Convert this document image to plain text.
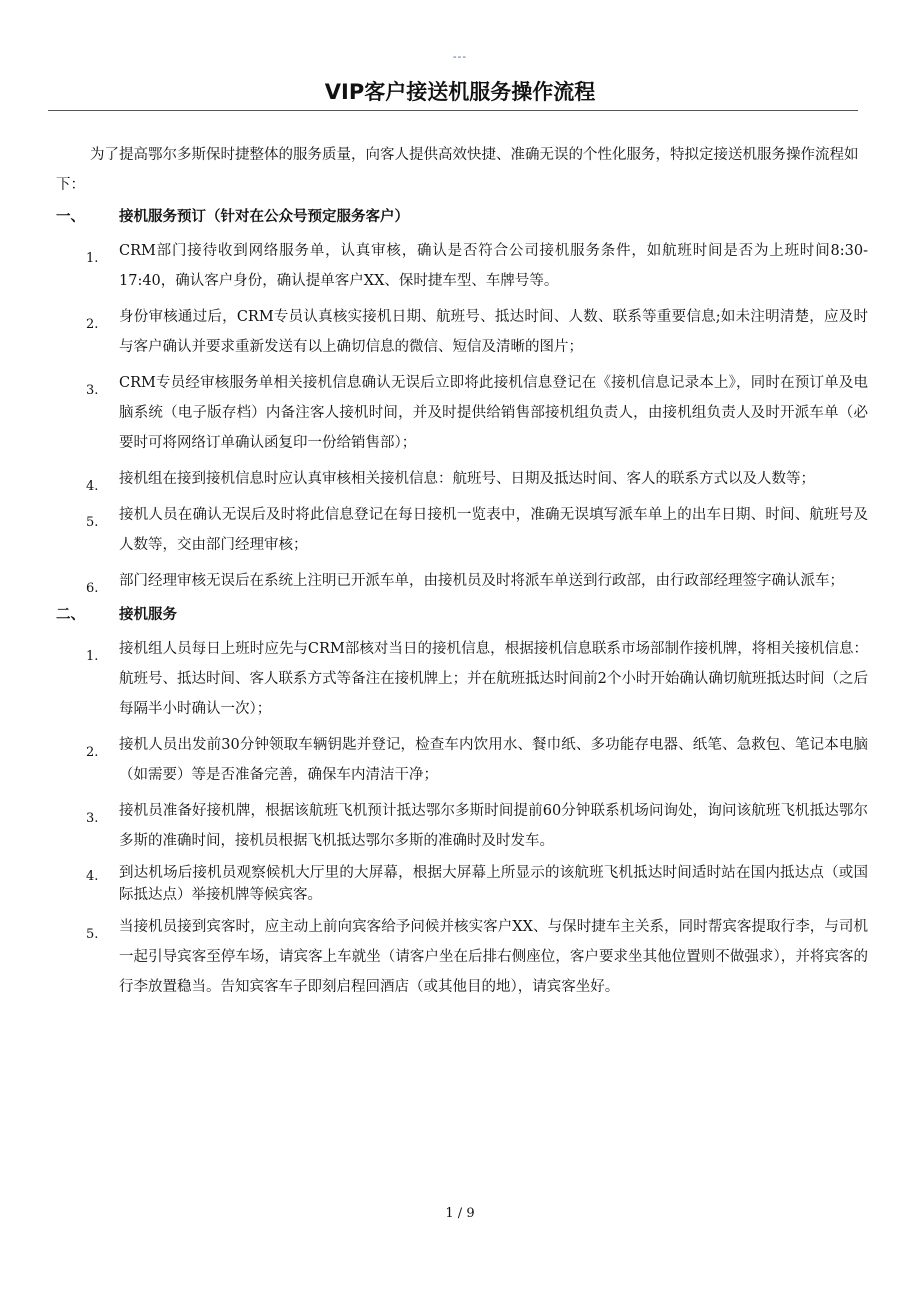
---
VIP客户接送机服务操作流程

为了提高鄂尔多斯保时捷整体的服务质量，向客人提供高效快捷、准确无误的个性化服务，特拟定接送机服务操作流程如下：

一、	接机服务预订（针对在公众号预定服务客户）
1.	CRM部门接待收到网络服务单，认真审核，确认是否符合公司接机服务条件，如航班时间是否为上班时间8:30-17:40，确认客户身份，确认提单客户XX、保时捷车型、车牌号等。
2.	身份审核通过后，CRM专员认真核实接机日期、航班号、抵达时间、人数、联系等重要信息;如未注明清楚，应及时与客户确认并要求重新发送有以上确切信息的微信、短信及清晰的图片；
3.	CRM专员经审核服务单相关接机信息确认无误后立即将此接机信息登记在《接机信息记录本上》，同时在预订单及电脑系统（电子版存档）内备注客人接机时间，并及时提供给销售部接机组负责人，由接机组负责人及时开派车单（必要时可将网络订单确认函复印一份给销售部）；
4.	接机组在接到接机信息时应认真审核相关接机信息：航班号、日期及抵达时间、客人的联系方式以及人数等；
5.	接机人员在确认无误后及时将此信息登记在每日接机一览表中，准确无误填写派车单上的出车日期、时间、航班号及人数等，交由部门经理审核；
6.	部门经理审核无误后在系统上注明已开派车单，由接机员及时将派车单送到行政部，由行政部经理签字确认派车；
二、	接机服务
1.	接机组人员每日上班时应先与CRM部核对当日的接机信息，根据接机信息联系市场部制作接机牌，将相关接机信息：航班号、抵达时间、客人联系方式等备注在接机牌上；并在航班抵达时间前2个小时开始确认确切航班抵达时间（之后每隔半小时确认一次）；
2.	接机人员出发前30分钟领取车辆钥匙并登记，检查车内饮用水、餐巾纸、多功能存电器、纸笔、急救包、笔记本电脑（如需要）等是否准备完善，确保车内清洁干净；
3.	接机员准备好接机牌，根据该航班飞机预计抵达鄂尔多斯时间提前60分钟联系机场问询处，询问该航班飞机抵达鄂尔多斯的准确时间，接机员根据飞机抵达鄂尔多斯的准确时及时发车。
4.	到达机场后接机员观察候机大厅里的大屏幕，根据大屏幕上所显示的该航班飞机抵达时间适时站在国内抵达点（或国际抵达点）举接机牌等候宾客。
5.	当接机员接到宾客时，应主动上前向宾客给予问候并核实客户XX、与保时捷车主关系，同时帮宾客提取行李，与司机一起引导宾客至停车场，请宾客上车就坐（请客户坐在后排右侧座位，客户要求坐其他位置则不做强求），并将宾客的行李放置稳当。告知宾客车子即刻启程回酒店（或其他目的地），请宾客坐好。
1 / 9
